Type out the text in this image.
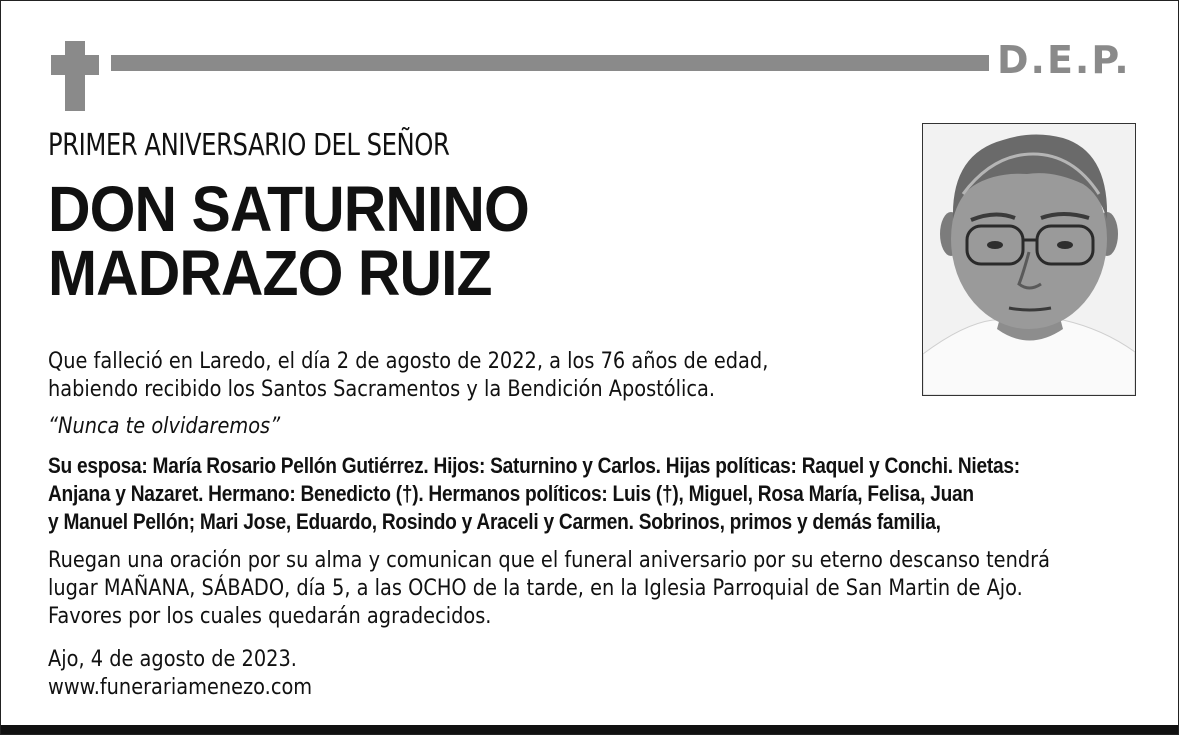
D.E.P.
PRIMER ANIVERSARIO DEL SEÑOR
DON SATURNINO
MADRAZO RUIZ
Que falleció en Laredo, el día 2 de agosto de 2022, a los 76 años de edad,
habiendo recibido los Santos Sacramentos y la Bendición Apostólica.
“Nunca te olvidaremos”
Su esposa: María Rosario Pellón Gutiérrez. Hijos: Saturnino y Carlos. Hijas políticas: Raquel y Conchi. Nietas:
Anjana y Nazaret. Hermano: Benedicto (†). Hermanos políticos: Luis (†), Miguel, Rosa María, Felisa, Juan
y Manuel Pellón; Mari Jose, Eduardo, Rosindo y Araceli y Carmen. Sobrinos, primos y demás familia,
Ruegan una oración por su alma y comunican que el funeral aniversario por su eterno descanso tendrá
lugar MAÑANA, SÁBADO, día 5, a las OCHO de la tarde, en la Iglesia Parroquial de San Martin de Ajo.
Favores por los cuales quedarán agradecidos.
Ajo, 4 de agosto de 2023.
www.funerariamenezo.com
